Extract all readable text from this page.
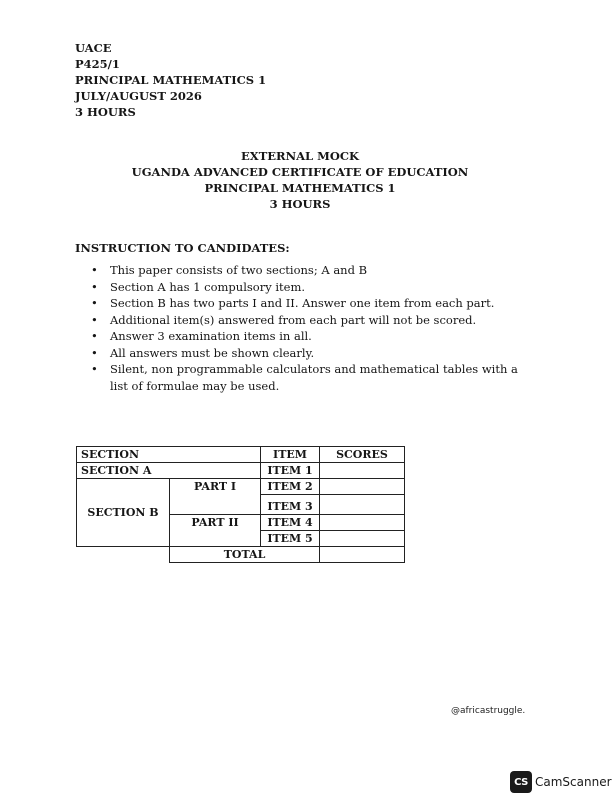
UACE
P425/1
PRINCIPAL MATHEMATICS 1
JULY/AUGUST 2026
3 HOURS
EXTERNAL MOCK
UGANDA ADVANCED CERTIFICATE OF EDUCATION
PRINCIPAL MATHEMATICS 1
3 HOURS
INSTRUCTION TO CANDIDATES:
• This paper consists of two sections; A and B
• Section A has 1 compulsory item.
• Section B has two parts I and II. Answer one item from each part.
• Additional item(s) answered from each part will not be scored.
• Answer 3 examination items in all.
• All answers must be shown clearly.
• Silent, non programmable calculators and mathematical tables with a list of formulae may be used.
SECTION		ITEM	SCORES
SECTION A		ITEM 1	
SECTION B	PART I	ITEM 2	
		ITEM 3	
	PART II	ITEM 4	
		ITEM 5	
	TOTAL		
@africastruggle.
CS CamScanner
